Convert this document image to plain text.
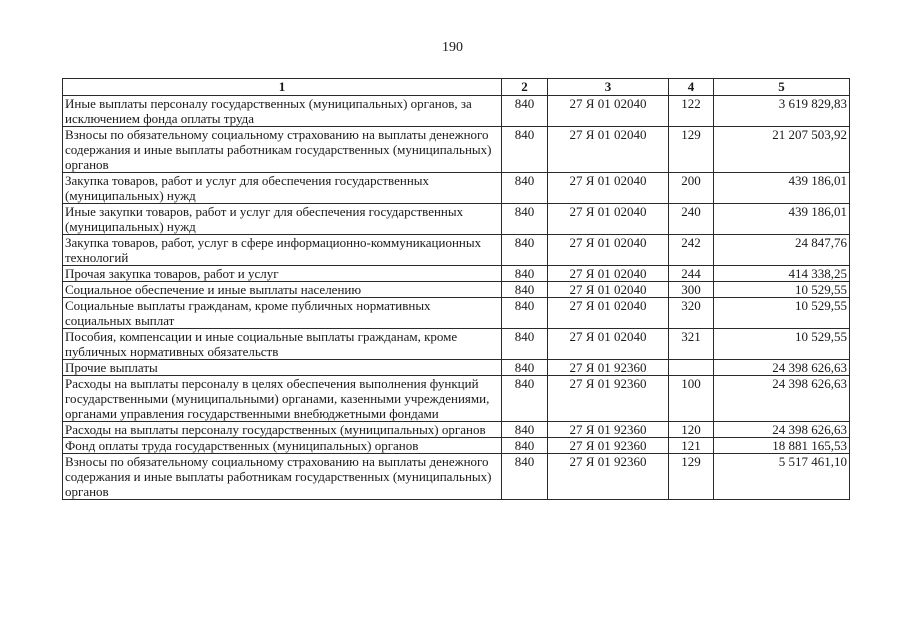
190
1	2	3	4	5
Иные выплаты персоналу государственных (муниципальных) органов, за исключением фонда оплаты труда	840	27 Я 01 02040	122	3 619 829,83
Взносы по обязательному социальному страхованию на выплаты денежного содержания и иные выплаты работникам государственных (муниципальных) органов	840	27 Я 01 02040	129	21 207 503,92
Закупка товаров, работ и услуг для обеспечения государственных (муниципальных) нужд	840	27 Я 01 02040	200	439 186,01
Иные закупки товаров, работ и услуг для обеспечения государственных (муниципальных) нужд	840	27 Я 01 02040	240	439 186,01
Закупка товаров, работ, услуг в сфере информационно-коммуникационных технологий	840	27 Я 01 02040	242	24 847,76
Прочая закупка товаров, работ и услуг	840	27 Я 01 02040	244	414 338,25
Социальное обеспечение и иные выплаты населению	840	27 Я 01 02040	300	10 529,55
Социальные выплаты гражданам, кроме публичных нормативных социальных выплат	840	27 Я 01 02040	320	10 529,55
Пособия, компенсации и иные социальные выплаты гражданам, кроме публичных нормативных обязательств	840	27 Я 01 02040	321	10 529,55
Прочие выплаты	840	27 Я 01 92360		24 398 626,63
Расходы на выплаты персоналу в целях обеспечения выполнения функций государственными (муниципальными) органами, казенными учреждениями, органами управления государственными внебюджетными фондами	840	27 Я 01 92360	100	24 398 626,63
Расходы на выплаты персоналу государственных (муниципальных) органов	840	27 Я 01 92360	120	24 398 626,63
Фонд оплаты труда государственных (муниципальных) органов	840	27 Я 01 92360	121	18 881 165,53
Взносы по обязательному социальному страхованию на выплаты денежного содержания и иные выплаты работникам государственных (муниципальных) органов	840	27 Я 01 92360	129	5 517 461,10
